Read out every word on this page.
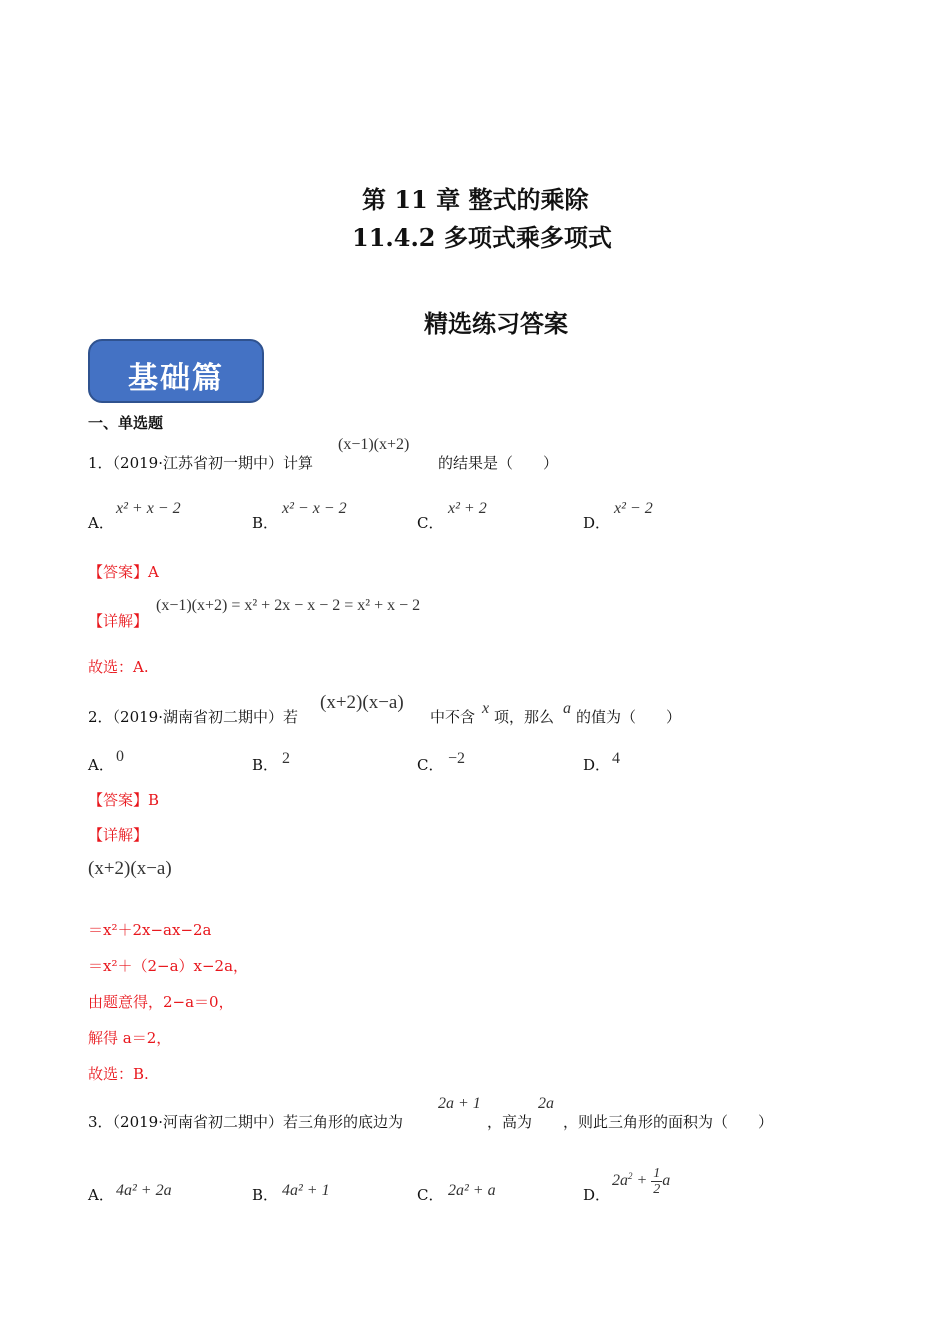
第 11 章 整式的乘除
11.4.2 多项式乘多项式
精选练习答案
基础篇
一、单选题
1．（2019·江苏省初一期中）计算
(x−1)(x+2)
的结果是（　　）
A．
x² + x − 2
B．
x² − x − 2
C．
x² + 2
D．
x² − 2
【答案】A
【详解】
(x−1)(x+2) = x² + 2x − x − 2 = x² + x − 2
故选：A.
2．（2019·湖南省初二期中）若
(x+2)(x−a)
中不含 x 项，那么 a 的值为（　　）
A． 0	B． 2	C． −2	D． 4
【答案】B
【详解】
(x+2)(x−a)
＝x²＋2x−ax−2a
＝x²＋（2−a）x−2a，
由题意得，2−a＝0，
解得 a＝2，
故选：B.
3．（2019·河南省初二期中）若三角形的底边为
2a + 1
，高为
2a
，则此三角形的面积为（　　）
A． 4a² + 2a	B． 4a² + 1	C． 2a² + a	D．
$2a^2 + \frac{1}{2}$ a
